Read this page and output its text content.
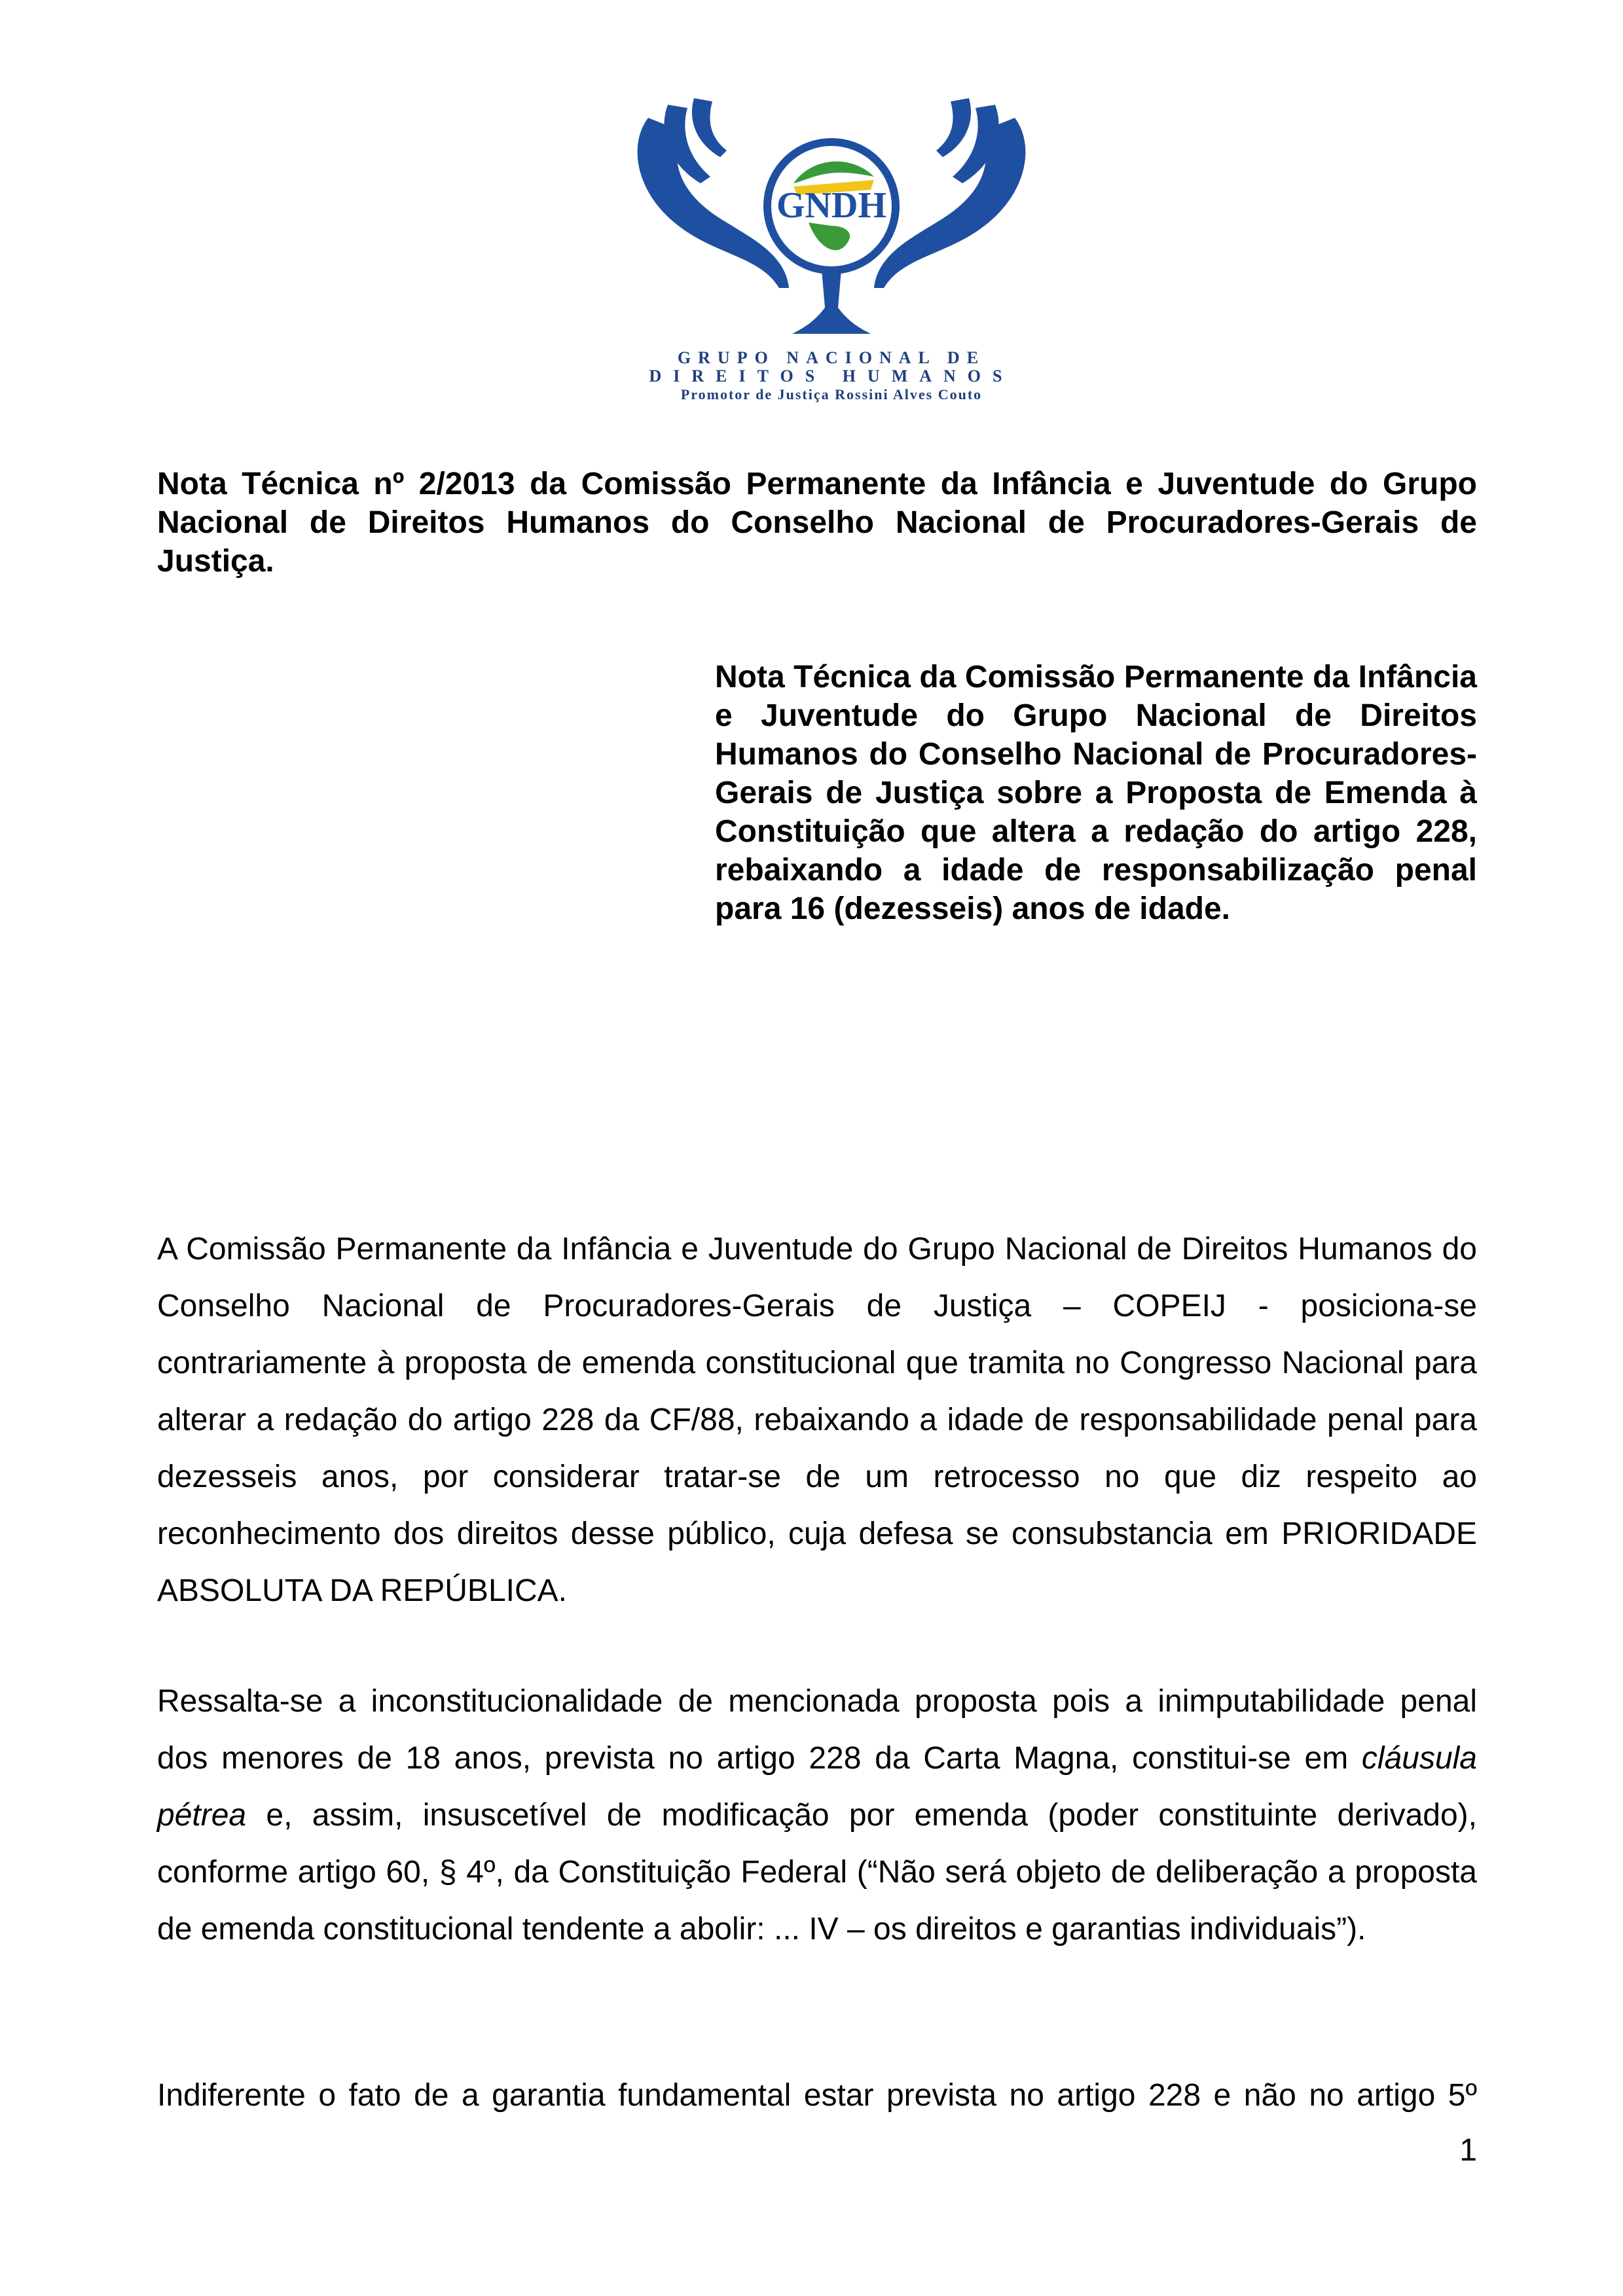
GNDH
GRUPO NACIONAL DE
DIREITOS HUMANOS
Promotor de Justiça Rossini Alves Couto

Nota Técnica nº 2/2013 da Comissão Permanente da Infância e Juventude do Grupo Nacional de Direitos Humanos do Conselho Nacional de Procuradores-Gerais de Justiça.

Nota Técnica da Comissão Permanente da Infância e Juventude do Grupo Nacional de Direitos Humanos do Conselho Nacional de Procuradores-Gerais de Justiça sobre a Proposta de Emenda à Constituição que altera a redação do artigo 228, rebaixando a idade de responsabilização penal para 16 (dezesseis) anos de idade.

A Comissão Permanente da Infância e Juventude do Grupo Nacional de Direitos Humanos do Conselho Nacional de Procuradores-Gerais de Justiça – COPEIJ - posiciona-se contrariamente à proposta de emenda constitucional que tramita no Congresso Nacional para alterar a redação do artigo 228 da CF/88, rebaixando a idade de responsabilidade penal para dezesseis anos, por considerar tratar-se de um retrocesso no que diz respeito ao reconhecimento dos direitos desse público, cuja defesa se consubstancia em PRIORIDADE ABSOLUTA DA REPÚBLICA.

Ressalta-se a inconstitucionalidade de mencionada proposta pois a inimputabilidade penal dos menores de 18 anos, prevista no artigo 228 da Carta Magna, constitui-se em cláusula pétrea e, assim, insuscetível de modificação por emenda (poder constituinte derivado), conforme artigo 60, § 4º, da Constituição Federal (“Não será objeto de deliberação a proposta de emenda constitucional tendente a abolir: ... IV – os direitos e garantias individuais”).

Indiferente o fato de a garantia fundamental estar prevista no artigo 228 e não no artigo 5º

1
